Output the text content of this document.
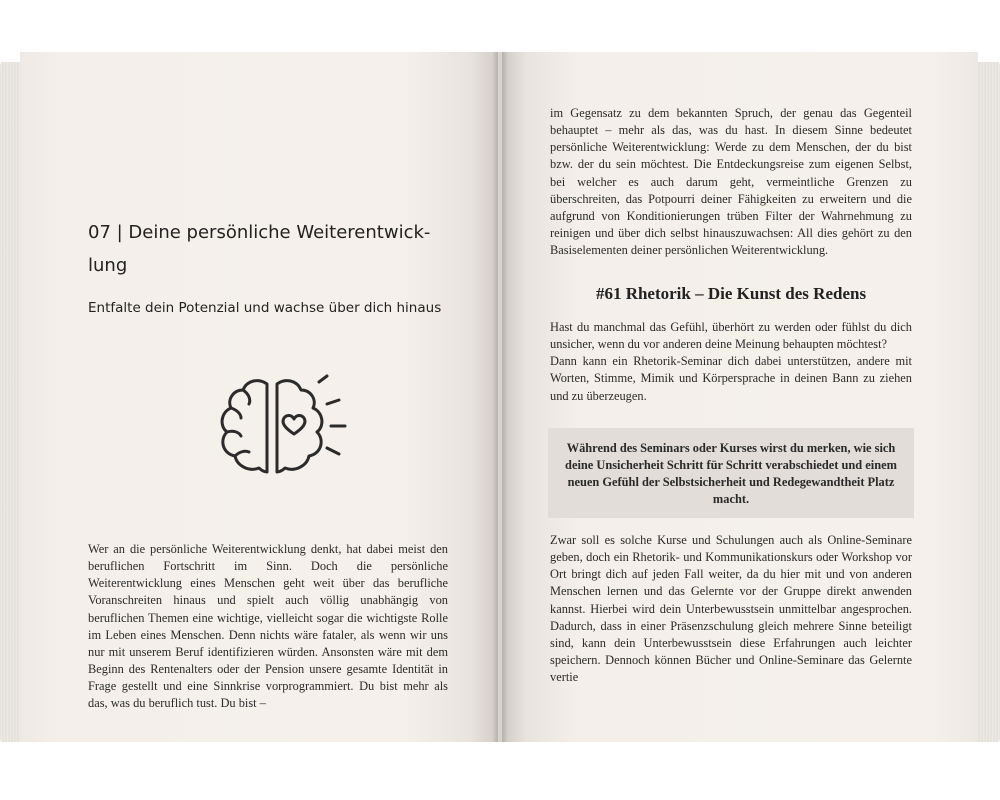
07 | Deine persönliche Weiterentwick-lung

Entfalte dein Potenzial und wachse über dich hinaus

Wer an die persönliche Weiterentwicklung denkt, hat dabei meist den beruflichen Fortschritt im Sinn. Doch die persönliche Weiterentwicklung eines Menschen geht weit über das berufliche Voranschreiten hinaus und spielt auch völlig unabhängig von beruflichen Themen eine wichtige, vielleicht sogar die wichtigste Rolle im Leben eines Menschen. Denn nichts wäre fataler, als wenn wir uns nur mit unserem Beruf identifizieren würden. Ansonsten wäre mit dem Beginn des Rentenalters oder der Pension unsere gesamte Identität in Frage gestellt und eine Sinnkrise vorprogrammiert. Du bist mehr als das, was du beruflich tust. Du bist –

im Gegensatz zu dem bekannten Spruch, der genau das Gegenteil behauptet – mehr als das, was du hast. In diesem Sinne bedeutet persönliche Weiterentwicklung: Werde zu dem Menschen, der du bist bzw. der du sein möchtest. Die Entdeckungsreise zum eigenen Selbst, bei welcher es auch darum geht, vermeintliche Grenzen zu überschreiten, das Potpourri deiner Fähigkeiten zu erweitern und die aufgrund von Konditionierungen trüben Filter der Wahrnehmung zu reinigen und über dich selbst hinauszuwachsen: All dies gehört zu den Basiselementen deiner persönlichen Weiterentwicklung.

#61 Rhetorik – Die Kunst des Redens
Hast du manchmal das Gefühl, überhört zu werden oder fühlst du dich unsicher, wenn du vor anderen deine Meinung behaupten möchtest?
Dann kann ein Rhetorik-Seminar dich dabei unterstützen, andere mit Worten, Stimme, Mimik und Körpersprache in deinen Bann zu ziehen und zu überzeugen.

Während des Seminars oder Kurses wirst du merken, wie sich deine Unsicherheit Schritt für Schritt verabschiedet und einem neuen Gefühl der Selbstsicherheit und Redegewandtheit Platz macht.

Zwar soll es solche Kurse und Schulungen auch als Online-Seminare geben, doch ein Rhetorik- und Kommunikationskurs oder Workshop vor Ort bringt dich auf jeden Fall weiter, da du hier mit und von anderen Menschen lernen und das Gelernte vor der Gruppe direkt anwenden kannst. Hierbei wird dein Unterbewusstsein unmittelbar angesprochen. Dadurch, dass in einer Präsenzschulung gleich mehrere Sinne beteiligt sind, kann dein Unterbewusstsein diese Erfahrungen auch leichter speichern. Dennoch können Bücher und Online-Seminare das Gelernte vertie
